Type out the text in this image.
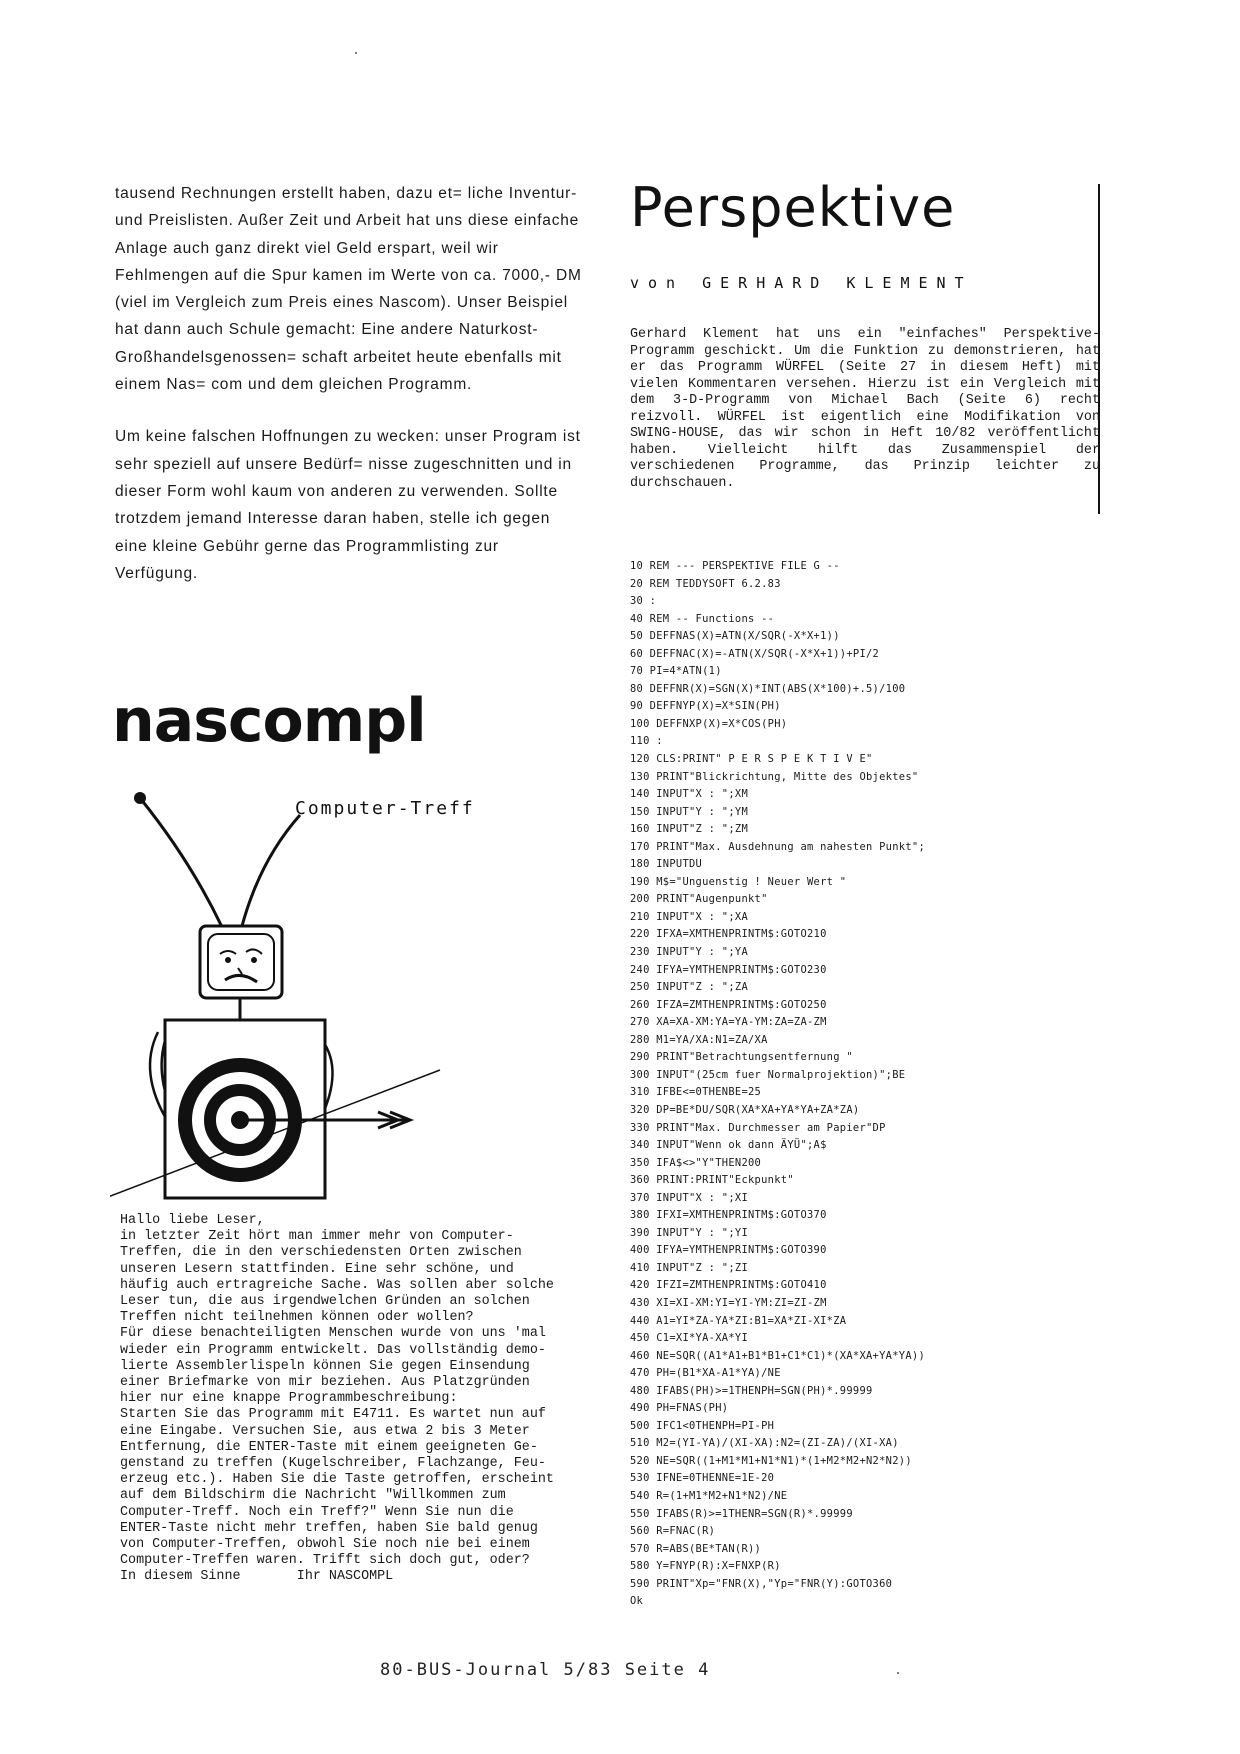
tausend Rechnungen erstellt haben, dazu et= liche Inventur- und Preislisten. Außer Zeit und Arbeit hat uns diese einfache Anlage auch ganz direkt viel Geld erspart, weil wir Fehlmengen auf die Spur kamen im Werte von ca. 7000,- DM (viel im Vergleich zum Preis eines Nascom). Unser Beispiel hat dann auch Schule gemacht: Eine andere Naturkost-Großhandelsgenossen= schaft arbeitet heute ebenfalls mit einem Nas= com und dem gleichen Programm.

Um keine falschen Hoffnungen zu wecken: unser Program ist sehr speziell auf unsere Bedürf= nisse zugeschnitten und in dieser Form wohl kaum von anderen zu verwenden. Sollte trotzdem jemand Interesse daran haben, stelle ich gegen eine kleine Gebühr gerne das Programmlisting zur Verfügung.

nascompl
Computer-Treff
Hallo liebe Leser,
in letzter Zeit hört man immer mehr von Computer-
Treffen, die in den verschiedensten Orten zwischen
unseren Lesern stattfinden. Eine sehr schöne, und
häufig auch ertragreiche Sache. Was sollen aber solche
Leser tun, die aus irgendwelchen Gründen an solchen
Treffen nicht teilnehmen können oder wollen?
Für diese benachteiligten Menschen wurde von uns 'mal
wieder ein Programm entwickelt. Das vollständig demo-
lierte Assemblerlispeln können Sie gegen Einsendung
einer Briefmarke von mir beziehen. Aus Platzgründen
hier nur eine knappe Programmbeschreibung:
Starten Sie das Programm mit E4711. Es wartet nun auf
eine Eingabe. Versuchen Sie, aus etwa 2 bis 3 Meter
Entfernung, die ENTER-Taste mit einem geeigneten Ge-
genstand zu treffen (Kugelschreiber, Flachzange, Feu-
erzeug etc.). Haben Sie die Taste getroffen, erscheint
auf dem Bildschirm die Nachricht "Willkommen zum
Computer-Treff. Noch ein Treff?" Wenn Sie nun die
ENTER-Taste nicht mehr treffen, haben Sie bald genug
von Computer-Treffen, obwohl Sie noch nie bei einem
Computer-Treffen waren. Trifft sich doch gut, oder?
In diesem Sinne       Ihr NASCOMPL
Perspektive
von GERHARD KLEMENT
Gerhard Klement hat uns ein "einfaches" Perspektive-Programm geschickt. Um die Funktion zu demonstrieren, hat er das Programm WÜRFEL (Seite 27 in diesem Heft) mit vielen Kommentaren versehen. Hierzu ist ein Vergleich mit dem 3-D-Programm von Michael Bach (Seite 6) recht reizvoll. WÜRFEL ist eigentlich eine Modifikation von SWING-HOUSE, das wir schon in Heft 10/82 veröffentlicht haben. Vielleicht hilft das Zusammenspiel der verschiedenen Programme, das Prinzip leichter zu durchschauen.
10 REM --- PERSPEKTIVE FILE G --
20 REM TEDDYSOFT 6.2.83
30 :
40 REM -- Functions --
50 DEFFNAS(X)=ATN(X/SQR(-X*X+1))
60 DEFFNAC(X)=-ATN(X/SQR(-X*X+1))+PI/2
70 PI=4*ATN(1)
80 DEFFNR(X)=SGN(X)*INT(ABS(X*100)+.5)/100
90 DEFFNYP(X)=X*SIN(PH)
100 DEFFNXP(X)=X*COS(PH)
110 :
120 CLS:PRINT" P E R S P E K T I V E"
130 PRINT"Blickrichtung, Mitte des Objektes"
140 INPUT"X : ";XM
150 INPUT"Y : ";YM
160 INPUT"Z : ";ZM
170 PRINT"Max. Ausdehnung am nahesten Punkt";
180 INPUTDU
190 M$="Unguenstig ! Neuer Wert "
200 PRINT"Augenpunkt"
210 INPUT"X : ";XA
220 IFXA=XMTHENPRINTM$:GOTO210
230 INPUT"Y : ";YA
240 IFYA=YMTHENPRINTM$:GOTO230
250 INPUT"Z : ";ZA
260 IFZA=ZMTHENPRINTM$:GOTO250
270 XA=XA-XM:YA=YA-YM:ZA=ZA-ZM
280 M1=YA/XA:N1=ZA/XA
290 PRINT"Betrachtungsentfernung "
300 INPUT"(25cm fuer Normalprojektion)";BE
310 IFBE<=0THENBE=25
320 DP=BE*DU/SQR(XA*XA+YA*YA+ZA*ZA)
330 PRINT"Max. Durchmesser am Papier"DP
340 INPUT"Wenn ok dann ÄYÜ";A$
350 IFA$<>"Y"THEN200
360 PRINT:PRINT"Eckpunkt"
370 INPUT"X : ";XI
380 IFXI=XMTHENPRINTM$:GOTO370
390 INPUT"Y : ";YI
400 IFYA=YMTHENPRINTM$:GOTO390
410 INPUT"Z : ";ZI
420 IFZI=ZMTHENPRINTM$:GOTO410
430 XI=XI-XM:YI=YI-YM:ZI=ZI-ZM
440 A1=YI*ZA-YA*ZI:B1=XA*ZI-XI*ZA
450 C1=XI*YA-XA*YI
460 NE=SQR((A1*A1+B1*B1+C1*C1)*(XA*XA+YA*YA))
470 PH=(B1*XA-A1*YA)/NE
480 IFABS(PH)>=1THENPH=SGN(PH)*.99999
490 PH=FNAS(PH)
500 IFC1<0THENPH=PI-PH
510 M2=(YI-YA)/(XI-XA):N2=(ZI-ZA)/(XI-XA)
520 NE=SQR((1+M1*M1+N1*N1)*(1+M2*M2+N2*N2))
530 IFNE=0THENNE=1E-20
540 R=(1+M1*M2+N1*N2)/NE
550 IFABS(R)>=1THENR=SGN(R)*.99999
560 R=FNAC(R)
570 R=ABS(BE*TAN(R))
580 Y=FNYP(R):X=FNXP(R)
590 PRINT"Xp="FNR(X),"Yp="FNR(Y):GOTO360
Ok
80-BUS-Journal 5/83 Seite 4
